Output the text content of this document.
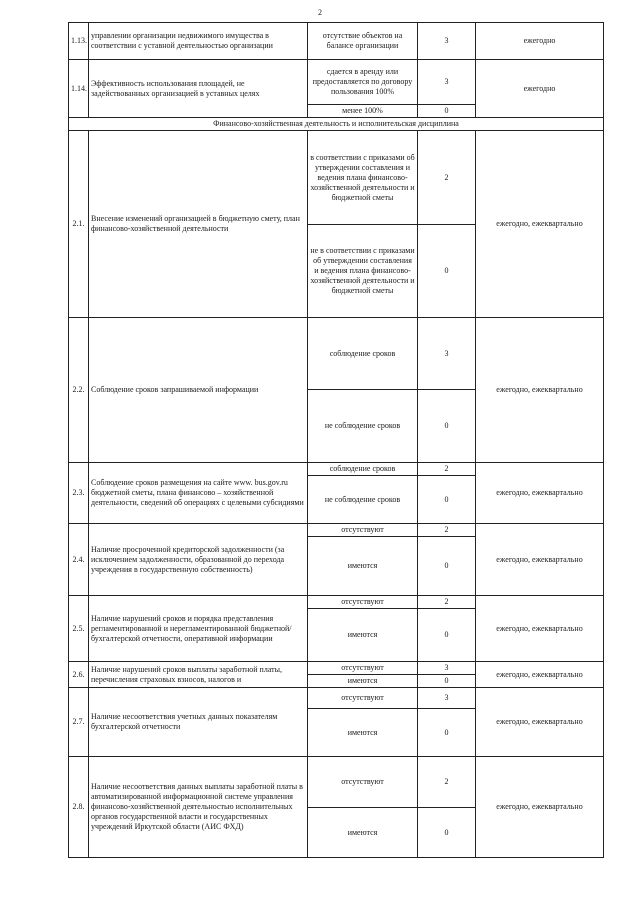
2
1.13.	управлении организации недвижимого имущества в соответствии с уставной деятельностью организации	отсутствие объектов на балансе организации	3	ежегодно
1.14.	Эффективность использования площадей, не задействованных организацией в уставных целях	сдается в аренду или предоставляется по договору пользования 100%	3	ежегодно
		менее 100%	0	
Финансово-хозяйственная деятельность и исполнительская дисциплина				
2.1.	Внесение изменений организацией в бюджетную смету, план финансово-хозяйственной деятельности	в соответствии с приказами об утверждении составления и ведения плана финансово-хозяйственной деятельности и бюджетной сметы	2	ежегодно, ежеквартально
		не в соответствии с приказами об утверждении составления и ведения плана финансово-хозяйственной деятельности и бюджетной сметы	0	
2.2.	Соблюдение сроков запрашиваемой информации	соблюдение сроков	3	ежегодно, ежеквартально
		не соблюдение сроков	0	
2.3.	Соблюдение сроков размещения на сайте www. bus.gov.ru бюджетной сметы, плана финансово – хозяйственной деятельности, сведений об операциях с целевыми субсидиями	соблюдение сроков	2	ежегодно, ежеквартально
		не соблюдение сроков	0	
2.4.	Наличие просроченной кредиторской задолженности (за исключением задолженности, образованной до перехода учреждения в государственную собственность)	отсутствуют	2	ежегодно, ежеквартально
		имеются	0	
2.5.	Наличие нарушений сроков и порядка представления регламентированной и нерегламентированной бюджетной/бухгалтерской отчетности, оперативной информации	отсутствуют	2	ежегодно, ежеквартально
		имеются	0	
2.6.	Наличие нарушений сроков выплаты заработной платы, перечисления страховых взносов, налогов и	отсутствуют	3	ежегодно, ежеквартально
		имеются	0	
2.7.	Наличие несоответствия учетных данных показателям бухгалтерской отчетности	отсутствуют	3	ежегодно, ежеквартально
		имеются	0	
2.8.	Наличие несоответствия данных выплаты заработной платы в автоматизированной информационной системе управления финансово-хозяйственной деятельностью исполнительных органов государственной власти и государственных учреждений Иркутской области (АИС ФХД)	отсутствуют	2	ежегодно, ежеквартально
		имеются	0	
